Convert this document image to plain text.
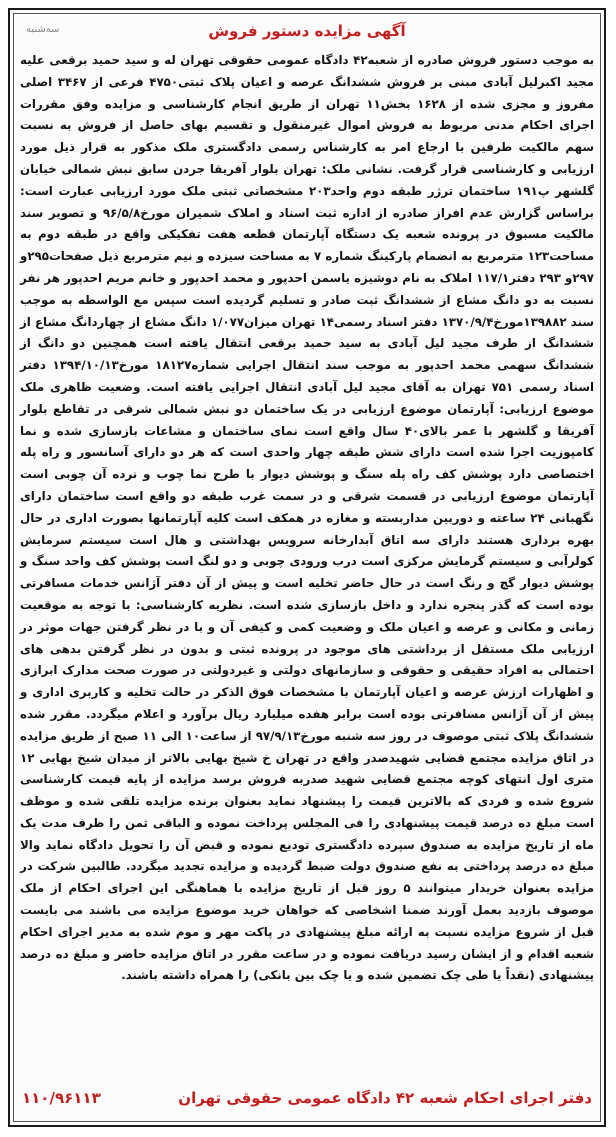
سه‌شنبه	آگهی مزایده دستور فروش

به موجب دستور فروش صادره از شعبه۴۲ دادگاه عمومی حقوقی تهران له و سید حمید برقعی علیه مجید اکبرلیل آبادی مبنی بر فروش ششدانگ عرصه و اعیان پلاک ثبتی۴۷۵۰ فرعی از ۳۴۶۷ اصلی مفروز و مجزی شده از ۱۶۲۸ بخش۱۱ تهران از طریق انجام کارشناسی و مزایده وفق مقررات اجرای احکام مدنی مربوط به فروش اموال غیرمنقول و تقسیم بهای حاصل از فروش به نسبت سهم مالکیت طرفین با ارجاع امر به کارشناس رسمی دادگستری ملک مذکور به قرار ذیل مورد ارزیابی و کارشناسی قرار گرفت. نشانی ملک: تهران بلوار آفریقا جردن سابق نبش شمالی خیابان گلشهر پ۱۹۱ ساختمان ترژر طبقه دوم واحد۲۰۳ مشخصاتی ثبتی ملک مورد ارزیابی عبارت است: براساس گزارش عدم افراز صادره از اداره ثبت اسناد و املاک شمیران مورخ۹۶/۵/۸ و تصویر سند مالکیت مسبوق در پرونده شعبه یک دستگاه آپارتمان قطعه هفت تفکیکی واقع در طبقه دوم به مساحت۱۲۳ مترمربع به انضمام پارکینگ شماره ۷ به مساحت سیزده و نیم مترمربع ذیل صفحات۲۹۵و ۲۹۷و ۲۹۳ دفتر۱۱۷/۱ املاک به نام دوشیزه یاسمن احدپور و محمد احدپور و خانم مریم احدپور هر نفر نسبت به دو دانگ مشاع از ششدانگ ثبت صادر و تسلیم گردیده است سپس مع الواسطه به موجب سند ۱۳۹۸۸۲مورخ۱۳۷۰/۹/۴ دفتر اسناد رسمی۱۴ تهران میزان۱/۰۷۷ دانگ مشاع از چهاردانگ مشاع از ششدانگ از طرف مجید لیل آبادی به سید حمید برقعی انتقال یافته است همچنین دو دانگ از ششدانگ سهمی محمد احدپور به موجب سند انتقال اجرایی شماره۱۸۱۲۷ مورخ۱۳۹۴/۱۰/۱۳ دفتر اسناد رسمی ۷۵۱ تهران به آقای مجید لیل آبادی انتقال اجرایی یافته است. وضعیت ظاهری ملک موضوع ارزیابی: آپارتمان موضوع ارزیابی در یک ساختمان دو نبش شمالی شرقی در تقاطع بلوار آفریقا و گلشهر با عمر بالای۴۰ سال واقع است نمای ساختمان و مشاعات بازسازی شده و نما کامپوزیت اجرا شده است دارای شش طبقه چهار واحدی است که هر دو دارای آسانسور و راه پله اختصاصی دارد پوشش کف راه پله سنگ و پوشش دیوار با طرح نما چوب و نرده آن چوبی است آپارتمان موضوع ارزیابی در قسمت شرقی و در سمت غرب طبقه دو واقع است ساختمان دارای نگهبانی ۲۴ ساعته و دوربین مداربسته و مغازه در همکف است کلیه آپارتمانها بصورت اداری در حال بهره برداری هستند دارای سه اتاق آبدارخانه سرویس بهداشتی و هال است سیستم سرمایش کولرآبی و سیستم گرمایش مرکزی است درب ورودی چوبی و دو لنگ است پوشش کف واحد سنگ و پوشش دیوار گچ و رنگ است در حال حاضر تخلیه است و پیش از آن دفتر آژانس خدمات مسافرتی بوده است که گذر پنجره ندارد و داخل بازسازی شده است. نظریه کارشناسی: با توجه به موقعیت زمانی و مکانی و عرصه و اعیان ملک و وضعیت کمی و کیفی آن و با در نظر گرفتن جهات موثر در ارزیابی ملک مستقل از برداشتی های موجود در پرونده ثبتی و بدون در نظر گرفتن بدهی های احتمالی به افراد حقیقی و حقوقی و سازمانهای دولتی و غیردولتی در صورت صحت مدارک ابرازی و اظهارات ارزش عرصه و اعیان آپارتمان با مشخصات فوق الذکر در حالت تخلیه و کاربری اداری و پیش از آن آژانس مسافرتی بوده است برابر هفده میلیارد ریال برآورد و اعلام میگردد. مقرر شده ششدانگ پلاک ثبتی موصوف در روز سه شنبه مورخ۹۷/۹/۱۳ از ساعت۱۰ الی ۱۱ صبح از طریق مزایده در اتاق مزایده مجتمع قضایی شهیدصدر واقع در تهران خ شیخ بهایی بالاتر از میدان شیخ بهایی ۱۲ متری اول انتهای کوچه مجتمع قضایی شهید صدربه فروش برسد مزایده از پایه قیمت کارشناسی شروع شده و فردی که بالاترین قیمت را پیشنهاد نماید بعنوان برنده مزایده تلقی شده و موظف است مبلغ ده درصد قیمت پیشنهادی را فی المجلس پرداخت نموده و الباقی ثمن را ظرف مدت یک ماه از تاریخ مزایده به صندوق سپرده دادگستری تودیع نموده و قبض آن را تحویل دادگاه نماید والا مبلغ ده درصد پرداختی به نفع صندوق دولت ضبط گردیده و مزایده تجدید میگردد. طالبین شرکت در مزایده بعنوان خریدار میتوانند ۵ روز قبل از تاریخ مزایده با هماهنگی این اجرای احکام از ملک موصوف بازدید بعمل آورند ضمنا اشخاصی که خواهان خرید موضوع مزایده می باشند می بایست قبل از شروع مزایده نسبت به ارائه مبلغ پیشنهادی در پاکت مهر و موم شده به مدیر اجرای احکام شعبه اقدام و از ایشان رسید دریافت نموده و در ساعت مقرر در اتاق مزایده حاضر و مبلغ ده درصد پیشنهادی (نقداً یا طی چک تضمین شده و یا چک بین بانکی) را همراه داشته باشند.

دفتر اجرای احکام شعبه ۴۲ دادگاه عمومی حقوقی تهران
۱۱۰/۹۶۱۱۳
